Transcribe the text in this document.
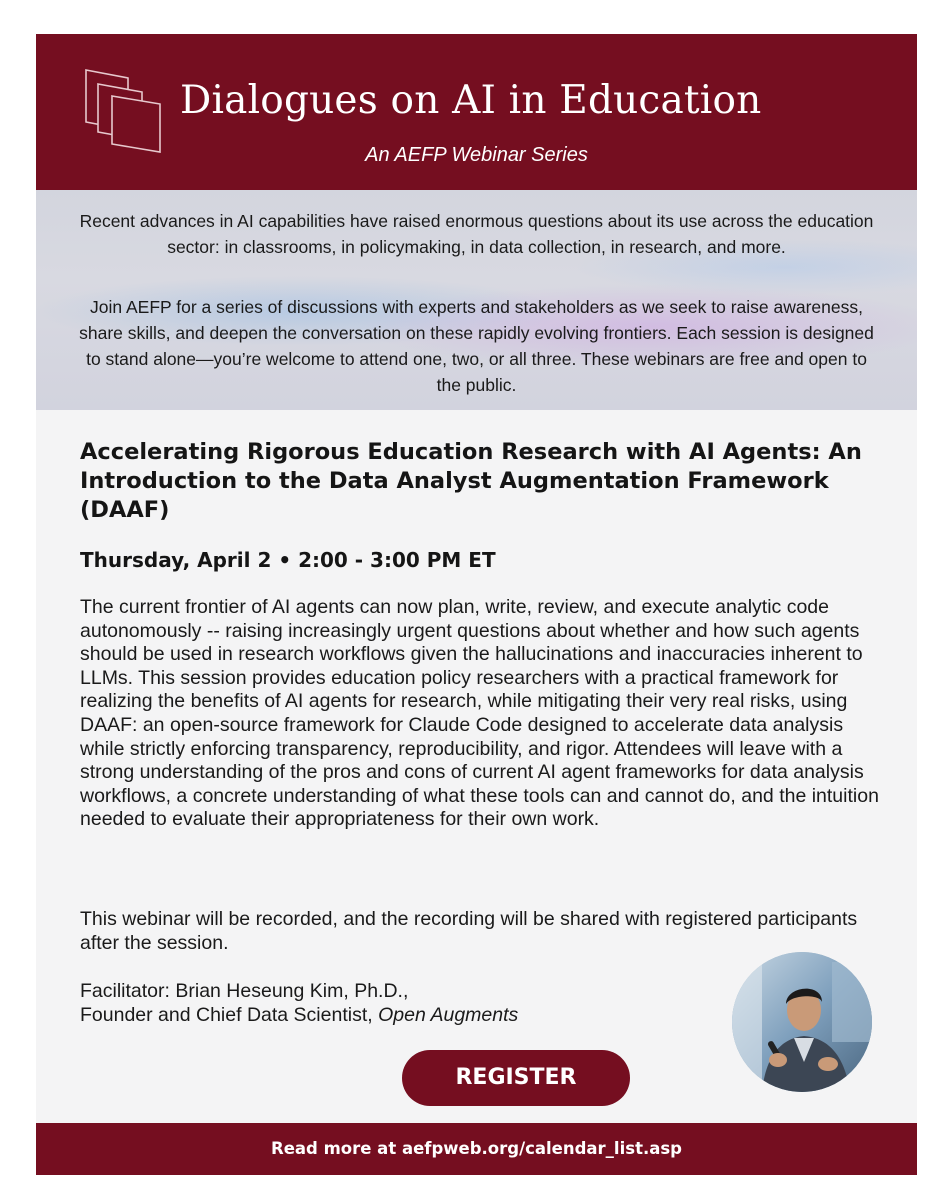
Dialogues on AI in Education
An AEFP Webinar Series

Recent advances in AI capabilities have raised enormous questions about its use across the education sector: in classrooms, in policymaking, in data collection, in research, and more.

Join AEFP for a series of discussions with experts and stakeholders as we seek to raise awareness, share skills, and deepen the conversation on these rapidly evolving frontiers. Each session is designed to stand alone—you’re welcome to attend one, two, or all three. These webinars are free and open to the public.

Accelerating Rigorous Education Research with AI Agents: An Introduction to the Data Analyst Augmentation Framework (DAAF)
Thursday, April 2 • 2:00 - 3:00 PM ET

The current frontier of AI agents can now plan, write, review, and execute analytic code autonomously -- raising increasingly urgent questions about whether and how such agents should be used in research workflows given the hallucinations and inaccuracies inherent to LLMs. This session provides education policy researchers with a practical framework for realizing the benefits of AI agents for research, while mitigating their very real risks, using DAAF: an open-source framework for Claude Code designed to accelerate data analysis while strictly enforcing transparency, reproducibility, and rigor. Attendees will leave with a strong understanding of the pros and cons of current AI agent frameworks for data analysis workflows, a concrete understanding of what these tools can and cannot do, and the intuition needed to evaluate their appropriateness for their own work.

This webinar will be recorded, and the recording will be shared with registered participants after the session.

Facilitator: Brian Heseung Kim, Ph.D.,
Founder and Chief Data Scientist, Open Augments

REGISTER
Read more at aefpweb.org/calendar_list.asp
